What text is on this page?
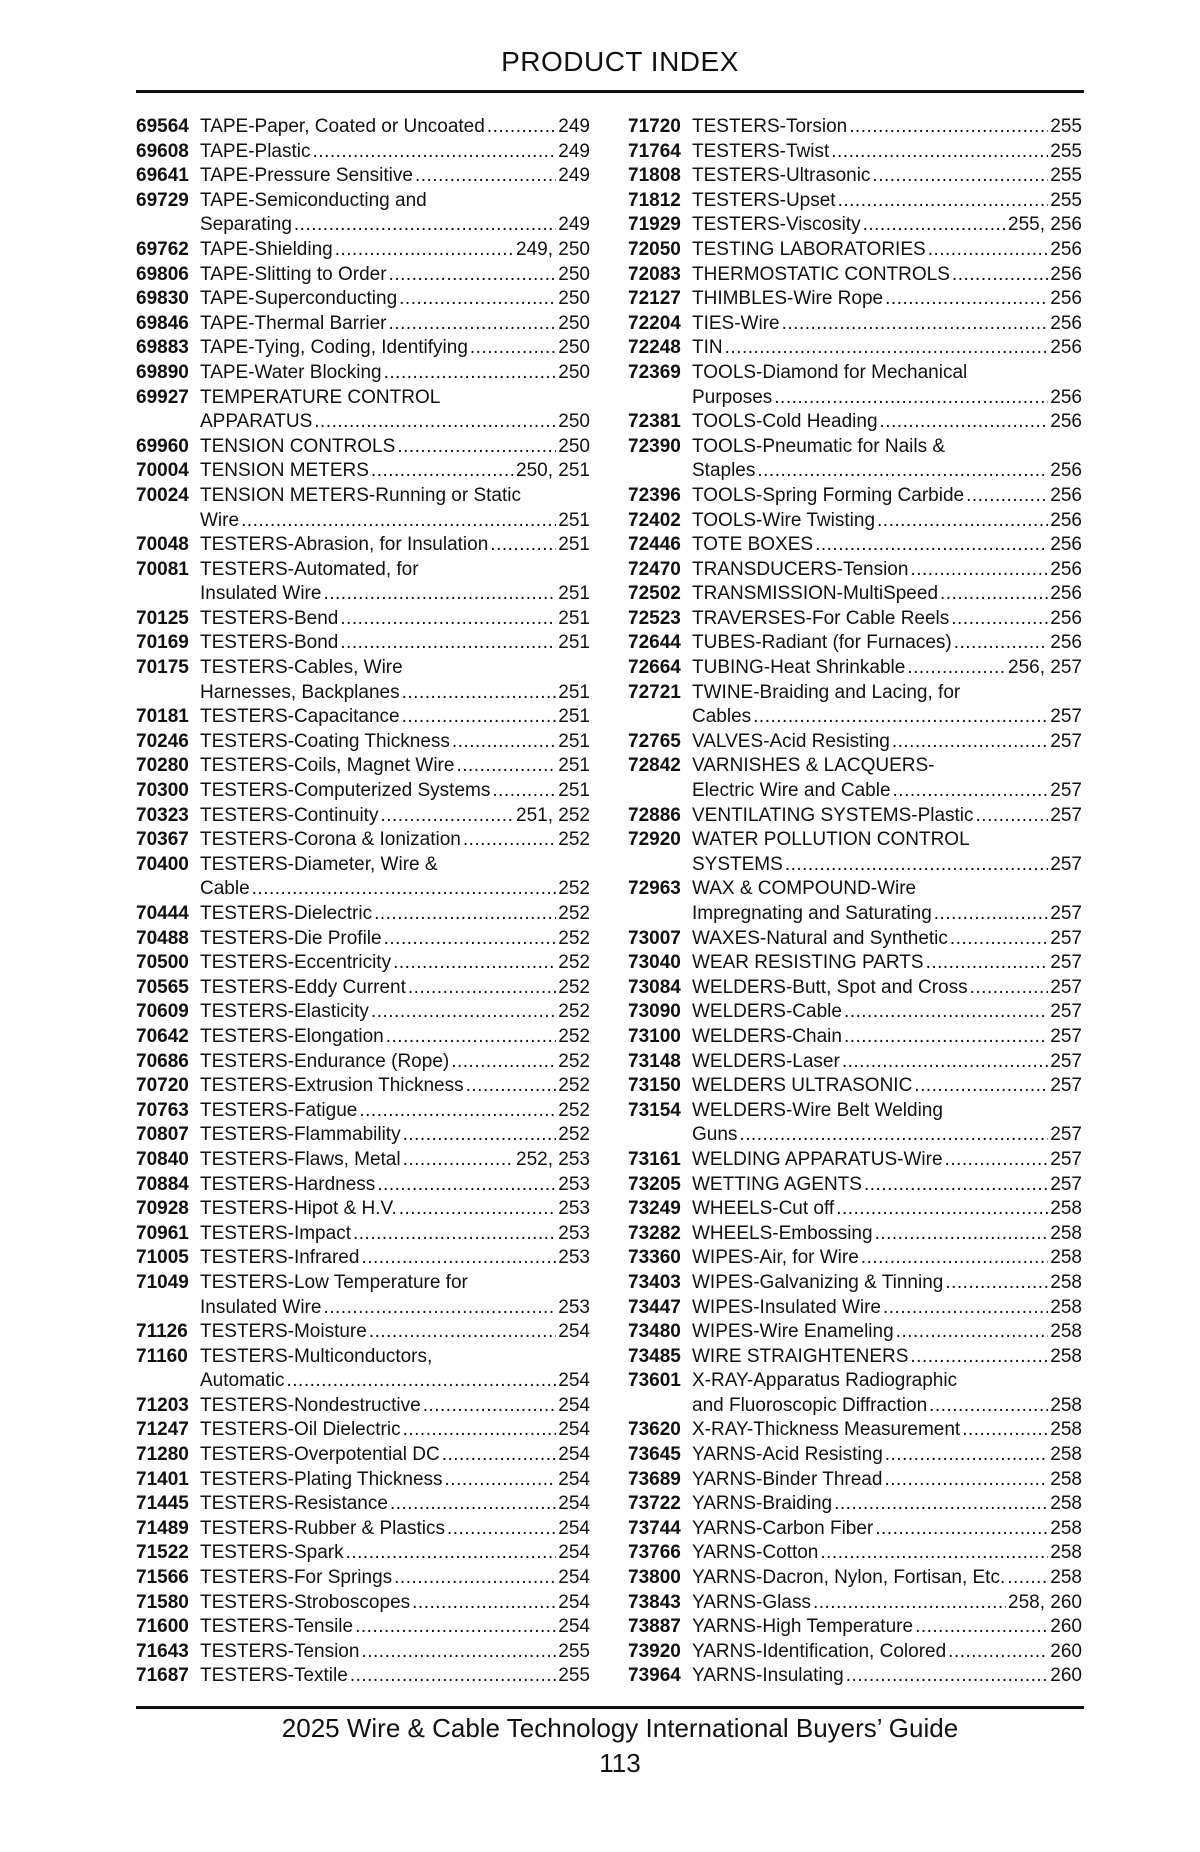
PRODUCT INDEX
69564 TAPE-Paper, Coated or Uncoated .....	249
69608 TAPE-Plastic .....	249
69641 TAPE-Pressure Sensitive .....	249
69729 TAPE-Semiconducting and
Separating .....	249
69762 TAPE-Shielding .....	249, 250
69806 TAPE-Slitting to Order .....	250
69830 TAPE-Superconducting .....	250
69846 TAPE-Thermal Barrier .....	250
69883 TAPE-Tying, Coding, Identifying .....	250
69890 TAPE-Water Blocking .....	250
69927 TEMPERATURE CONTROL
APPARATUS .....	250
69960 TENSION CONTROLS .....	250
70004 TENSION METERS .....	250, 251
70024 TENSION METERS-Running or Static
Wire .....	251
70048 TESTERS-Abrasion, for Insulation .....	251
70081 TESTERS-Automated, for
Insulated Wire .....	251
70125 TESTERS-Bend .....	251
70169 TESTERS-Bond .....	251
70175 TESTERS-Cables, Wire
Harnesses, Backplanes .....	251
70181 TESTERS-Capacitance .....	251
70246 TESTERS-Coating Thickness .....	251
70280 TESTERS-Coils, Magnet Wire .....	251
70300 TESTERS-Computerized Systems .....	251
70323 TESTERS-Continuity .....	251, 252
70367 TESTERS-Corona & Ionization .....	252
70400 TESTERS-Diameter, Wire &
Cable .....	252
70444 TESTERS-Dielectric .....	252
70488 TESTERS-Die Profile .....	252
70500 TESTERS-Eccentricity .....	252
70565 TESTERS-Eddy Current .....	252
70609 TESTERS-Elasticity .....	252
70642 TESTERS-Elongation .....	252
70686 TESTERS-Endurance (Rope) .....	252
70720 TESTERS-Extrusion Thickness .....	252
70763 TESTERS-Fatigue .....	252
70807 TESTERS-Flammability .....	252
70840 TESTERS-Flaws, Metal .....	252, 253
70884 TESTERS-Hardness .....	253
70928 TESTERS-Hipot & H.V. .....	253
70961 TESTERS-Impact .....	253
71005 TESTERS-Infrared .....	253
71049 TESTERS-Low Temperature for
Insulated Wire .....	253
71126 TESTERS-Moisture .....	254
71160 TESTERS-Multiconductors,
Automatic .....	254
71203 TESTERS-Nondestructive .....	254
71247 TESTERS-Oil Dielectric .....	254
71280 TESTERS-Overpotential DC .....	254
71401 TESTERS-Plating Thickness .....	254
71445 TESTERS-Resistance .....	254
71489 TESTERS-Rubber & Plastics .....	254
71522 TESTERS-Spark .....	254
71566 TESTERS-For Springs .....	254
71580 TESTERS-Stroboscopes .....	254
71600 TESTERS-Tensile .....	254
71643 TESTERS-Tension .....	255
71687 TESTERS-Textile .....	255
71720 TESTERS-Torsion .....	255
71764 TESTERS-Twist .....	255
71808 TESTERS-Ultrasonic .....	255
71812 TESTERS-Upset .....	255
71929 TESTERS-Viscosity .....	255, 256
72050 TESTING LABORATORIES .....	256
72083 THERMOSTATIC CONTROLS .....	256
72127 THIMBLES-Wire Rope .....	256
72204 TIES-Wire .....	256
72248 TIN .....	256
72369 TOOLS-Diamond for Mechanical
Purposes .....	256
72381 TOOLS-Cold Heading .....	256
72390 TOOLS-Pneumatic for Nails &
Staples .....	256
72396 TOOLS-Spring Forming Carbide .....	256
72402 TOOLS-Wire Twisting .....	256
72446 TOTE BOXES .....	256
72470 TRANSDUCERS-Tension .....	256
72502 TRANSMISSION-MultiSpeed .....	256
72523 TRAVERSES-For Cable Reels .....	256
72644 TUBES-Radiant (for Furnaces) .....	256
72664 TUBING-Heat Shrinkable .....	256, 257
72721 TWINE-Braiding and Lacing, for
Cables .....	257
72765 VALVES-Acid Resisting .....	257
72842 VARNISHES & LACQUERS-
Electric Wire and Cable .....	257
72886 VENTILATING SYSTEMS-Plastic .....	257
72920 WATER POLLUTION CONTROL
SYSTEMS .....	257
72963 WAX & COMPOUND-Wire
Impregnating and Saturating .....	257
73007 WAXES-Natural and Synthetic .....	257
73040 WEAR RESISTING PARTS .....	257
73084 WELDERS-Butt, Spot and Cross .....	257
73090 WELDERS-Cable .....	257
73100 WELDERS-Chain .....	257
73148 WELDERS-Laser .....	257
73150 WELDERS ULTRASONIC .....	257
73154 WELDERS-Wire Belt Welding
Guns .....	257
73161 WELDING APPARATUS-Wire .....	257
73205 WETTING AGENTS .....	257
73249 WHEELS-Cut off .....	258
73282 WHEELS-Embossing .....	258
73360 WIPES-Air, for Wire .....	258
73403 WIPES-Galvanizing & Tinning .....	258
73447 WIPES-Insulated Wire .....	258
73480 WIPES-Wire Enameling .....	258
73485 WIRE STRAIGHTENERS .....	258
73601 X-RAY-Apparatus Radiographic
and Fluoroscopic Diffraction .....	258
73620 X-RAY-Thickness Measurement .....	258
73645 YARNS-Acid Resisting .....	258
73689 YARNS-Binder Thread .....	258
73722 YARNS-Braiding .....	258
73744 YARNS-Carbon Fiber .....	258
73766 YARNS-Cotton .....	258
73800 YARNS-Dacron, Nylon, Fortisan, Etc. ..... 258
73843 YARNS-Glass .....	258, 260
73887 YARNS-High Temperature .....	260
73920 YARNS-Identification, Colored .....	260
73964 YARNS-Insulating .....	260
2025 Wire & Cable Technology International Buyers’ Guide
113
